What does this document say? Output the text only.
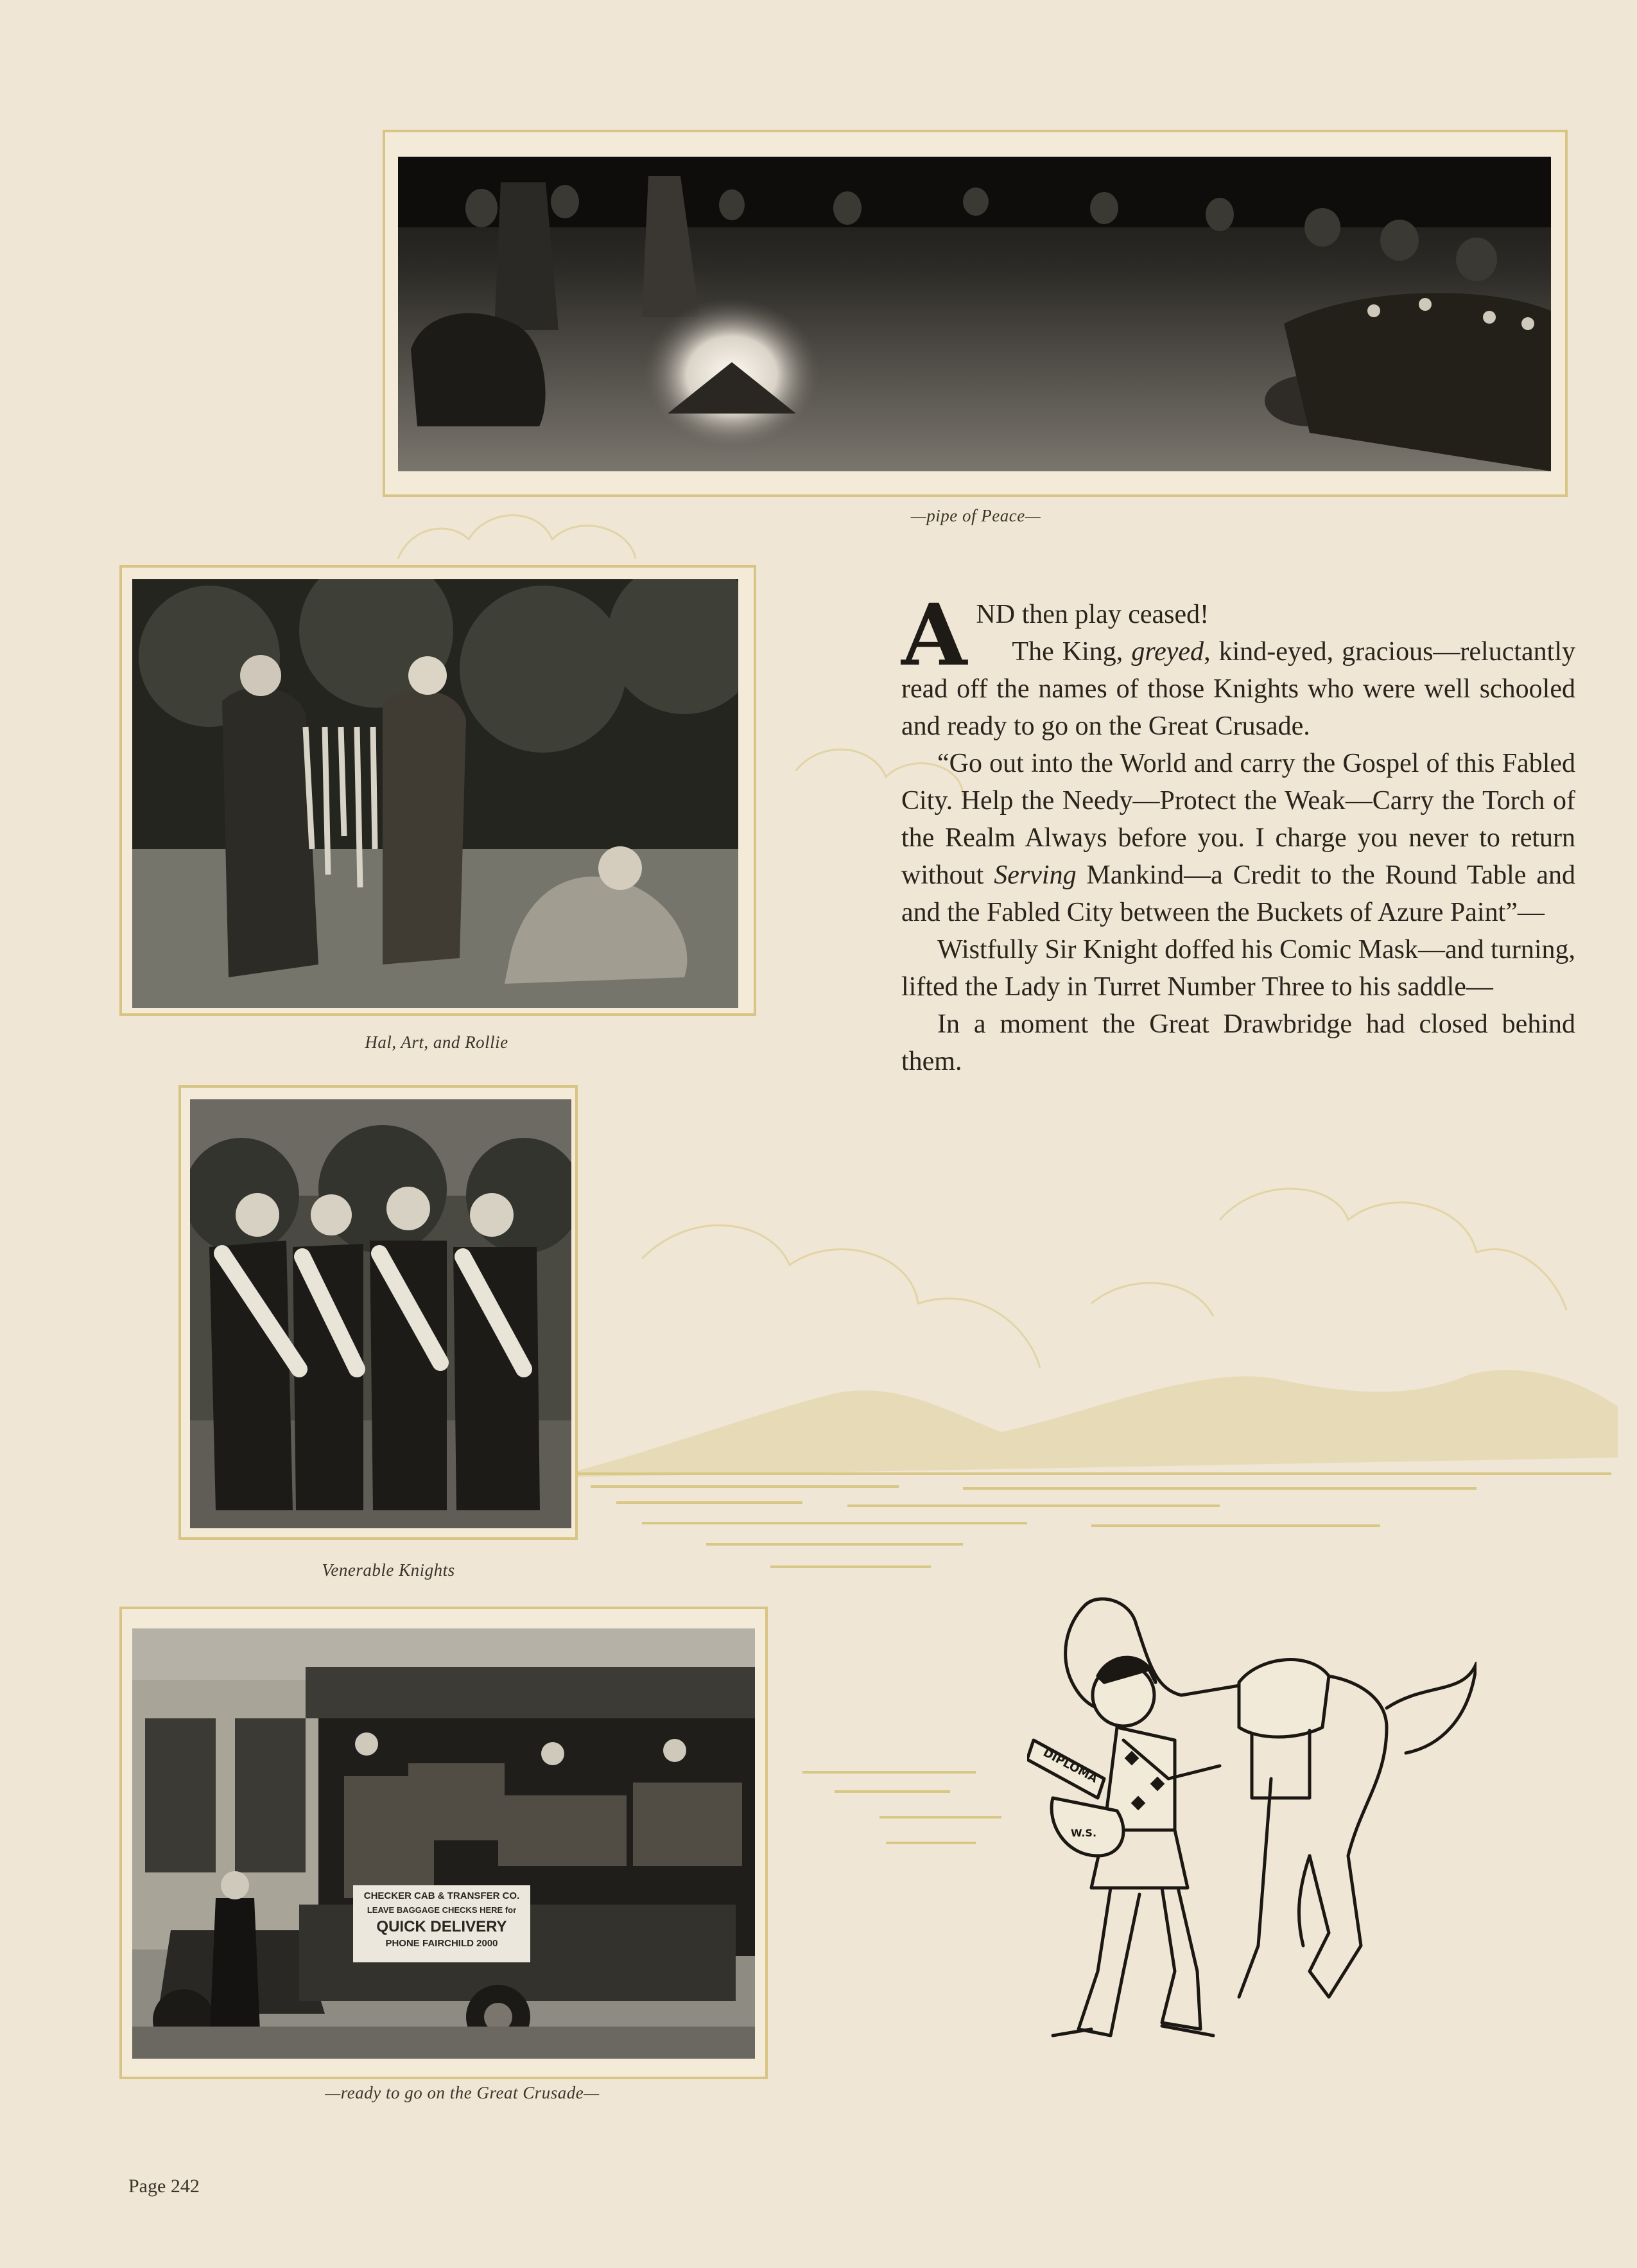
—pipe of Peace—
Hal, Art, and Rollie
Venerable Knights
CHECKER CAB & TRANSFER CO.
LEAVE BAGGAGE CHECKS HERE for
QUICK DELIVERY
PHONE FAIRCHILD 2000
—ready to go on the Great Crusade—

A ND then play ceased!
The King, greyed, kind-eyed, gracious—reluctantly read off the names of those Knights who were well schooled and ready to go on the Great Crusade.

“Go out into the World and carry the Gospel of this Fabled City. Help the Needy—Protect the Weak—Carry the Torch of the Realm Always before you. I charge you never to return without Serving Mankind—a Credit to the Round Table and and the Fabled City between the Buckets of Azure Paint”—

Wistfully Sir Knight doffed his Comic Mask—and turning, lifted the Lady in Turret Number Three to his saddle—

In a moment the Great Drawbridge had closed behind them.

DIPLOMA
W.S.
Page 242
